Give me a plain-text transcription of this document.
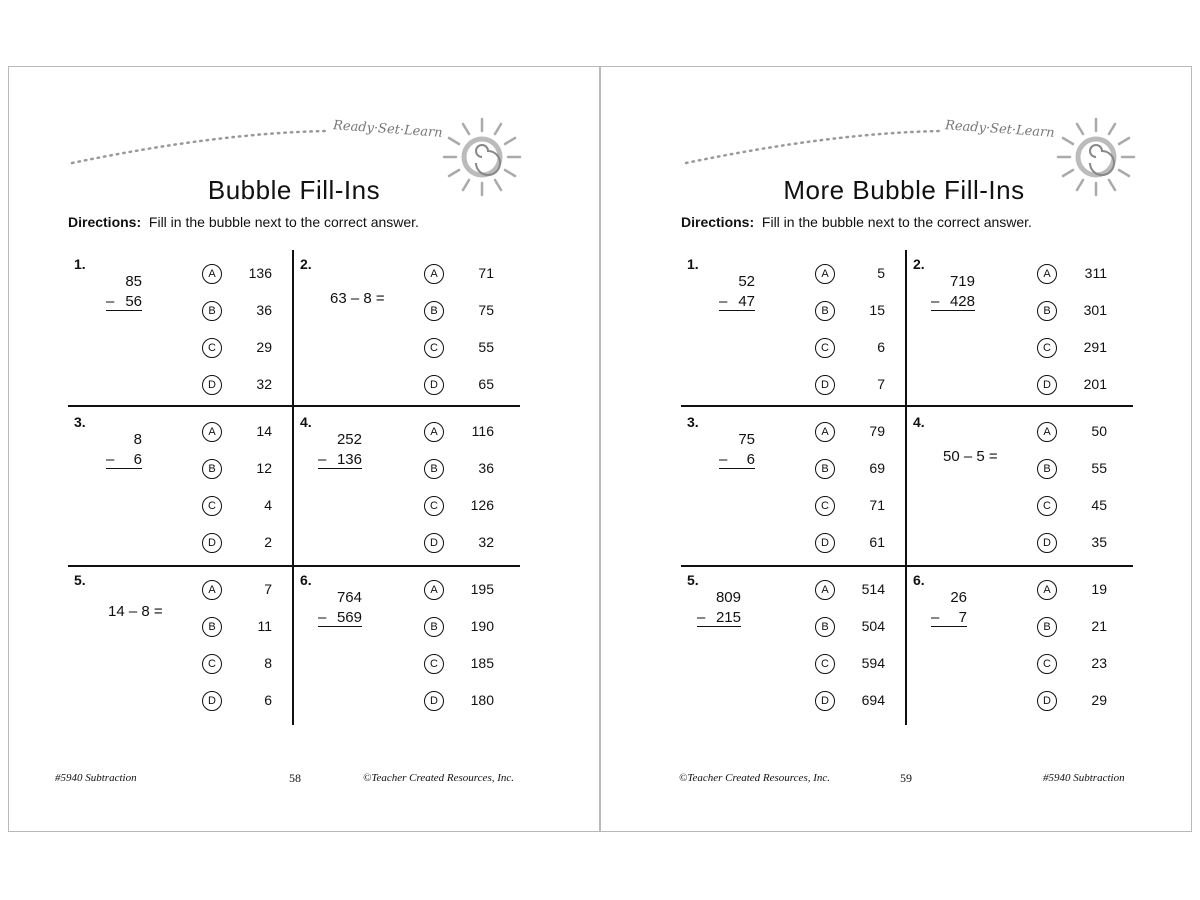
Ready·Set·Learn
Bubble Fill-Ins
Directions: Fill in the bubble next to the correct answer.
1.
85
– 56
A	136
B	36
C	29
D	32
2.
63 – 8 =
A	71
B	75
C	55
D	65
3.
8
– 6
A	14
B	12
C	4
D	2
4.
252
– 136
A	116
B	36
C	126
D	32
5.
14 – 8 =
A	7
B	11
C	8
D	6
6.
764
– 569
A	195
B	190
C	185
D	180
#5940 Subtraction	58	©Teacher Created Resources, Inc.
Ready·Set·Learn
More Bubble Fill-Ins
Directions: Fill in the bubble next to the correct answer.
1.
52
– 47
A	5
B	15
C	6
D	7
2.
719
– 428
A	311
B	301
C	291
D	201
3.
75
– 6
A	79
B	69
C	71
D	61
4.
50 – 5 =
A	50
B	55
C	45
D	35
5.
809
– 215
A	514
B	504
C	594
D	694
6.
26
– 7
A	19
B	21
C	23
D	29
©Teacher Created Resources, Inc.	59	#5940 Subtraction
